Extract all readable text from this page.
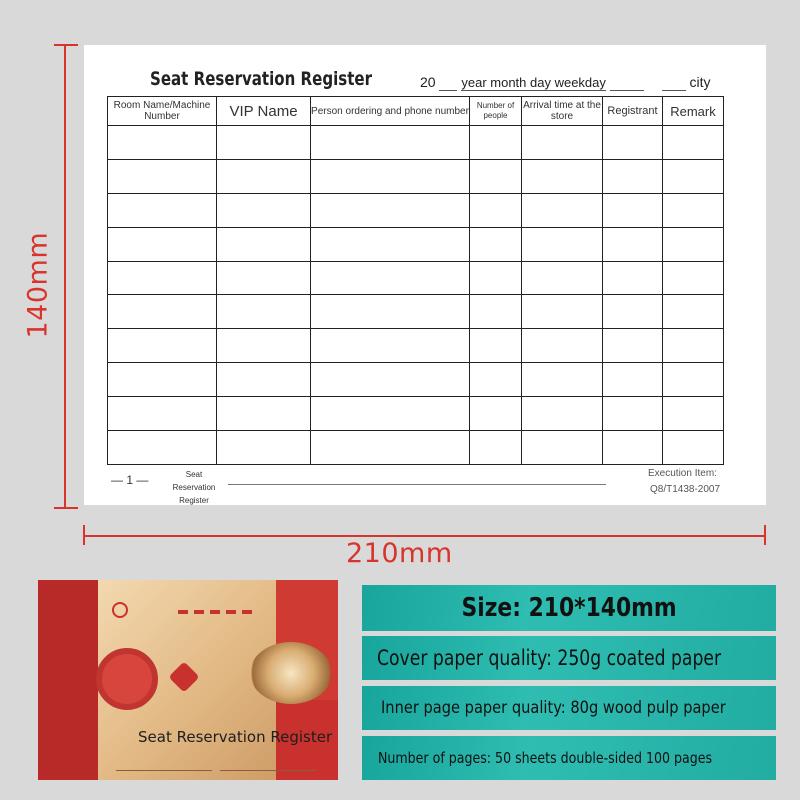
140mm
210mm
Seat Reservation Register	20 year month day weekday	city
Room Name/Machine Number	VIP Name	Person ordering and phone number	Number of people	Arrival time at the store	Registrant	Remark

— 1 —	Seat Reservation Register
Execution Item:
Q8/T1438-2007
Seat Reservation Register
Size: 210*140mm
Cover paper quality: 250g coated paper
Inner page paper quality: 80g wood pulp paper
Number of pages: 50 sheets double-sided 100 pages
